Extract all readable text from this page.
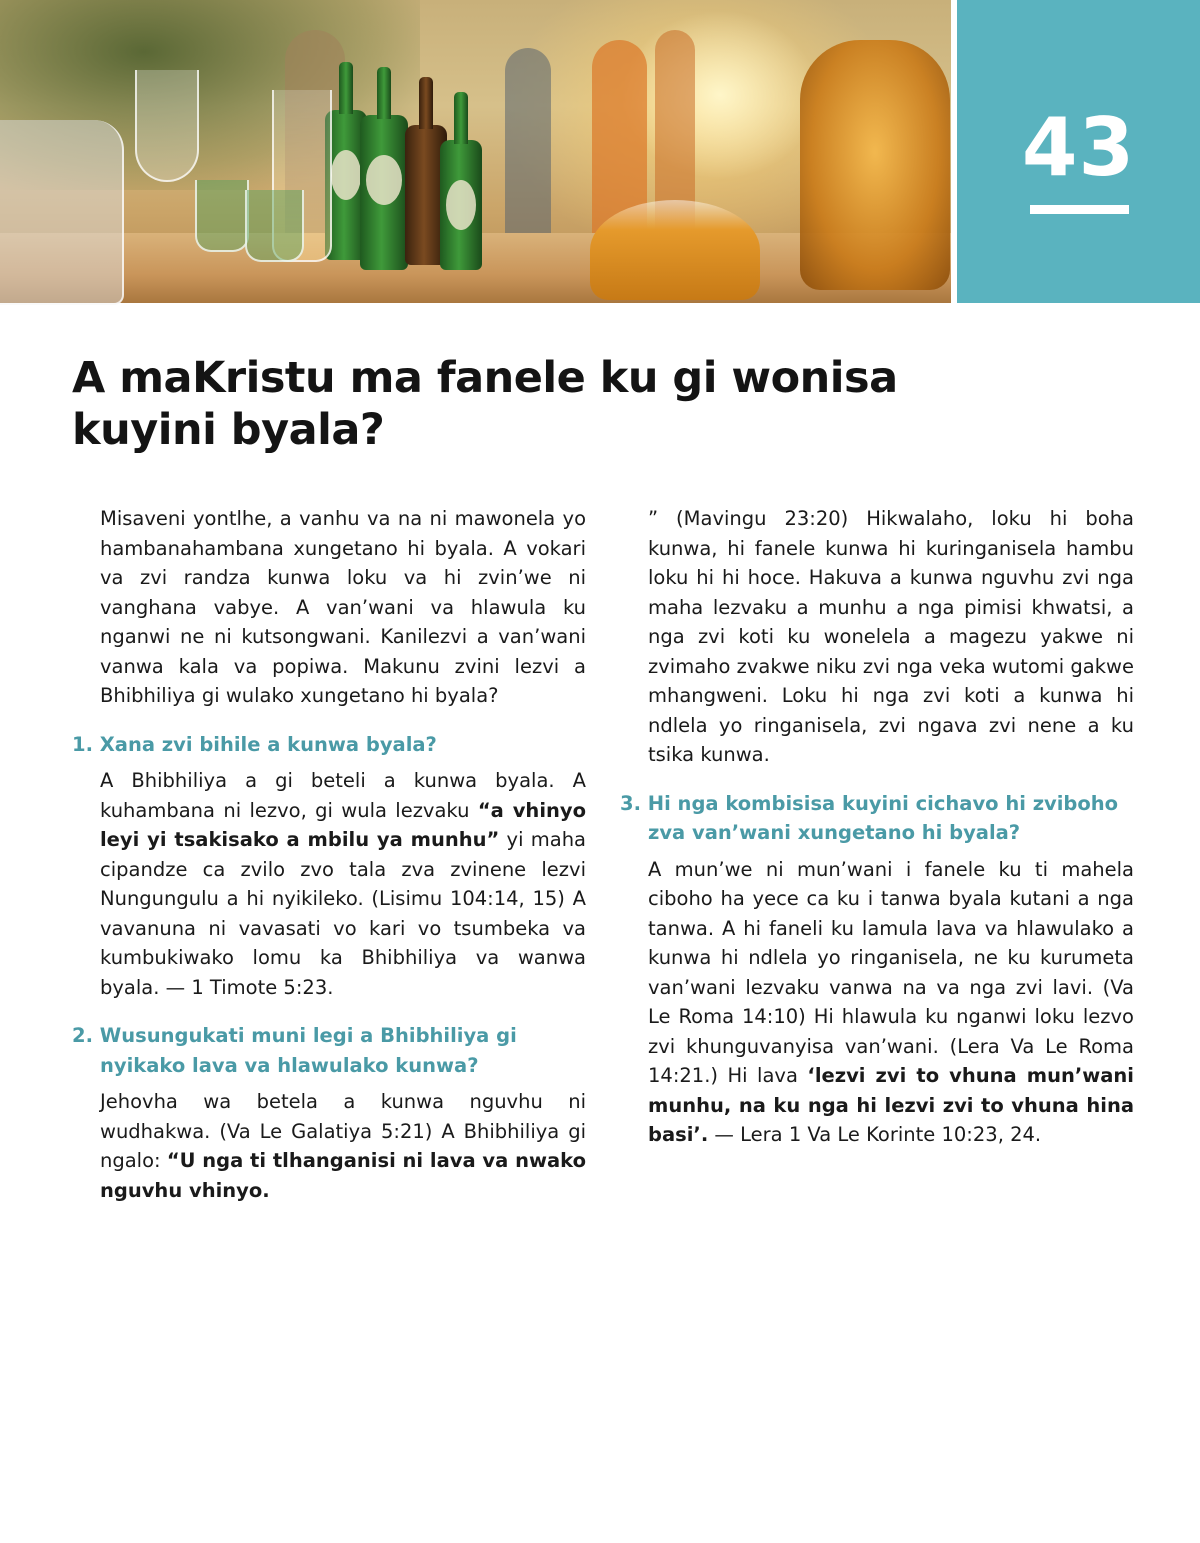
43
A maKristu ma fanele ku gi wonisa kuyini byala?

Misaveni yontlhe, a vanhu va na ni mawonela yo hambanahambana xungetano hi byala. A vokari va zvi randza kunwa loku va hi zvin’we ni vanghana vabye. A van’wani va hlawula ku nganwi ne ni kutsongwani. Kanilezvi a van’wani vanwa kala va popiwa. Makunu zvini lezvi a Bhibhiliya gi wulako xungetano hi byala?

1. Xana zvi bihile a kunwa byala?

A Bhibhiliya a gi beteli a kunwa byala. A kuhambana ni lezvo, gi wula lezvaku “a vhinyo leyi yi tsakisako a mbilu ya munhu” yi maha cipandze ca zvilo zvo tala zva zvinene lezvi Nungungulu a hi nyikileko. (Lisimu 104:14, 15) A vavanuna ni vavasati vo kari vo tsumbeka va kumbukiwako lomu ka Bhibhiliya va wanwa byala. — 1 Timote 5:23.

2. Wusungukati muni legi a Bhibhiliya gi nyikako lava va hlawulako kunwa?

Jehovha wa betela a kunwa nguvhu ni wudhakwa. (Va Le Galatiya 5:21) A Bhibhiliya gi ngalo: “U nga ti tlhanganisi ni lava va nwako nguvhu vhinyo.

” (Mavingu 23:20) Hikwalaho, loku hi boha kunwa, hi fanele kunwa hi kuringanisela hambu loku hi hi hoce. Hakuva a kunwa nguvhu zvi nga maha lezvaku a munhu a nga pimisi khwatsi, a nga zvi koti ku wonelela a magezu yakwe ni zvimaho zvakwe niku zvi nga veka wutomi gakwe mhangweni. Loku hi nga zvi koti a kunwa hi ndlela yo ringanisela, zvi ngava zvi nene a ku tsika kunwa.

3. Hi nga kombisisa kuyini cichavo hi zviboho zva van’wani xungetano hi byala?

A mun’we ni mun’wani i fanele ku ti mahela ciboho ha yece ca ku i tanwa byala kutani a nga tanwa. A hi faneli ku lamula lava va hlawulako a kunwa hi ndlela yo ringanisela, ne ku kurumeta van’wani lezvaku vanwa na va nga zvi lavi. (Va Le Roma 14:10) Hi hlawula ku nganwi loku lezvo zvi khunguvanyisa van’wani. (Lera Va Le Roma 14:21.) Hi lava ‘lezvi zvi to vhuna mun’wani munhu, na ku nga hi lezvi zvi to vhuna hina basi’. — Lera 1 Va Le Korinte 10:23, 24.
